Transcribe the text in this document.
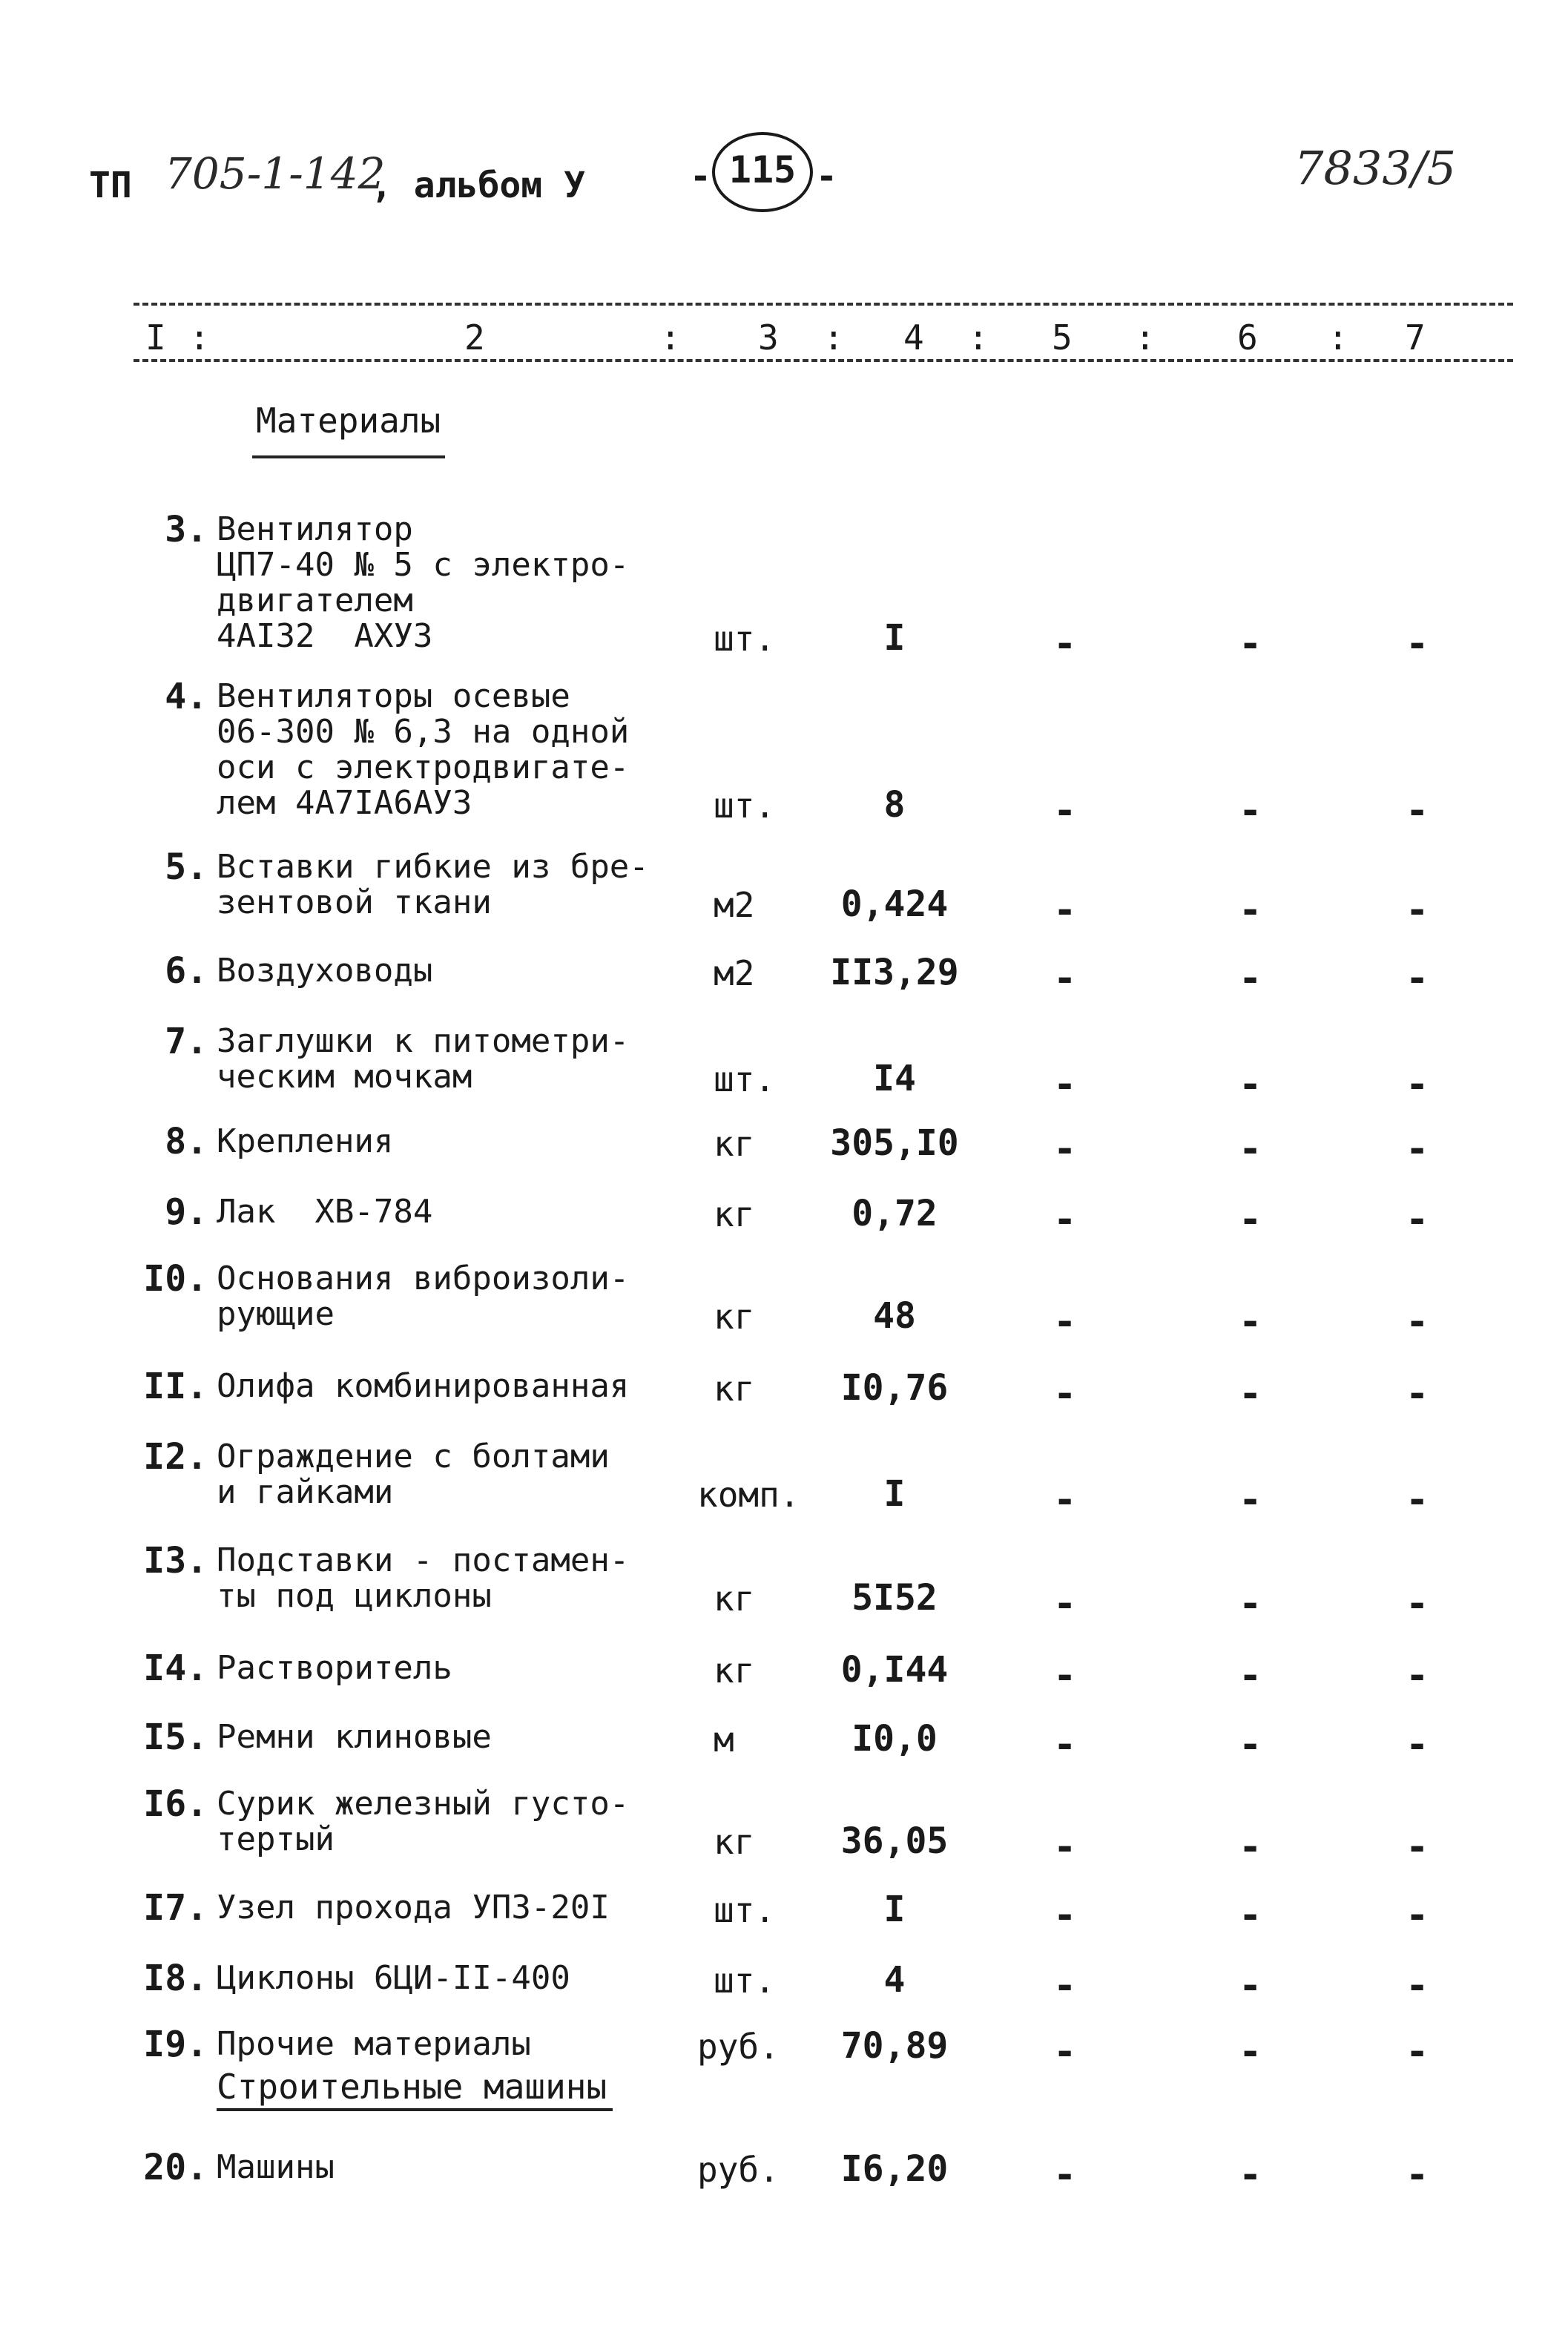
ТП 705-1-142
, альбом У	- 115 -	7833/5
I :	2	: 3 : 4 : 5 : 6 : 7
Материалы
3. Вентилятор
ЦП7-40 № 5 с электро-
двигателем
4АI32  АХУ3	шт.	I	-	-	-
4. Вентиляторы осевые
06-300 № 6,3 на одной
оси с электродвигате-
лем 4А7IА6АУ3	шт.	8	-	-	-
5. Вставки гибкие из бре-
зентовой ткани	м2	0,424	-	-	-
6. Воздуховоды	м2	II3,29	-	-	-
7. Заглушки к питометри-
ческим мочкам	шт.	I4	-	-	-
8. Крепления	кг	305,I0	-	-	-
9. Лак  ХВ-784	кг	0,72	-	-	-
I0. Основания виброизоли-
рующие	кг	48	-	-	-
II. Олифа комбинированная кг	I0,76	-	-	-
I2. Ограждение с болтами
и гайками	комп.	I	-	-	-
I3. Подставки - постамен-
ты под циклоны	кг	5I52	-	-	-
I4. Растворитель	кг	0,I44	-	-	-
I5. Ремни клиновые	м	I0,0	-	-	-
I6. Сурик железный густо-
тертый	кг	36,05	-	-	-
I7. Узел прохода УП3-20I	шт.	I	-	-	-
I8. Циклоны 6ЦИ-II-400	шт.	4	-	-	-
I9. Прочие материалы	руб.	70,89	-	-	-
20. Машины	руб.	I6,20	-	-	-
Строительные машины
